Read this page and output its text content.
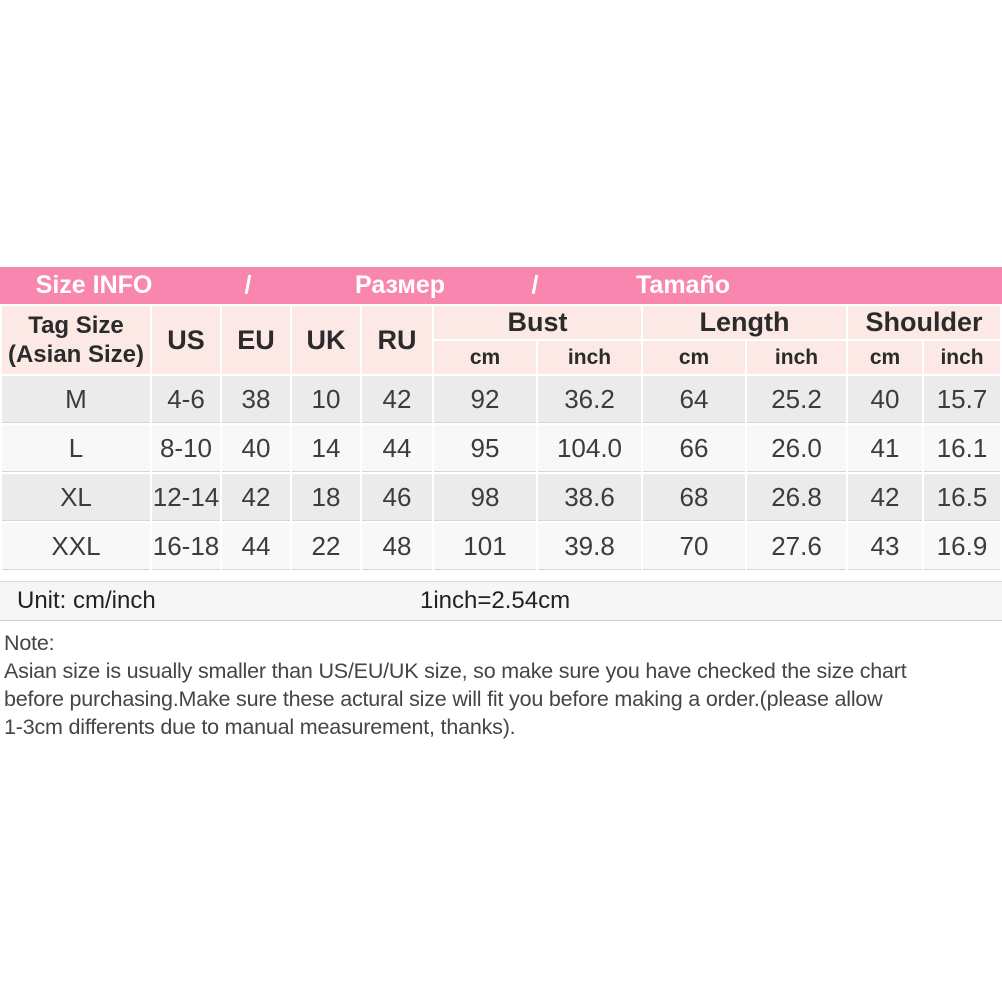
Size INFO	/	Размер	/	Tamaño
Tag Size
(Asian Size)	US	EU	UK	RU	Bust		Length		Shoulder	
					cm	inch	cm	inch	cm	inch
M	4-6	38	10	42	92	36.2	64	25.2	40	15.7
L	8-10	40	14	44	95	104.0	66	26.0	41	16.1
XL	12-14	42	18	46	98	38.6	68	26.8	42	16.5
XXL	16-18	44	22	48	101	39.8	70	27.6	43	16.9
Unit: cm/inch	1inch=2.54cm
Note:
Asian size is usually smaller than US/EU/UK size, so make sure you have checked the size chart
before purchasing.Make sure these actural size will fit you before making a order.(please allow
1-3cm differents due to manual measurement, thanks).
